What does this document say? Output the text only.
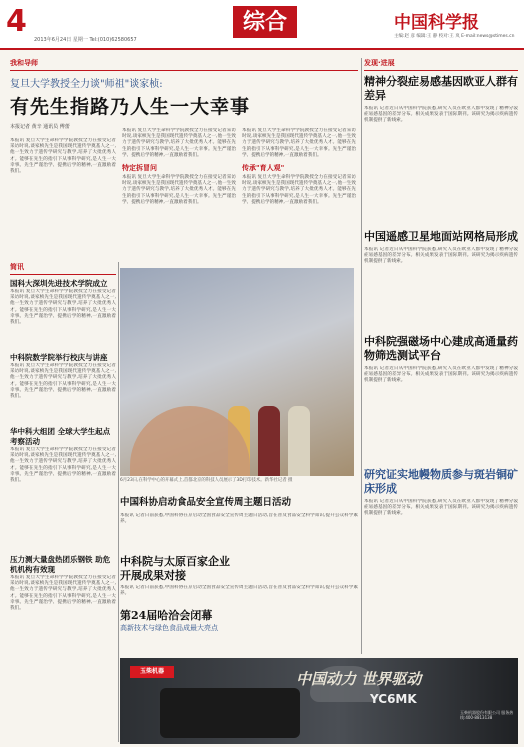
4
2013年6月24日 星期一 Tel:(010)62580657
综合	中国科学报
主编:赵 彦 编辑:王 静 校对:王 岚 E-mail:news@stimes.cn
我和导师
复旦大学教授全力谈"师祖"谈家桢:
有先生指路乃人生一大幸事
本报记者 黄辛 通讯员 傅蕾
本报讯 复旦大学生命科学学院教授全力在接受记者采访时说,谈家桢先生是我国现代遗传学奠基人之一,他一生致力于遗传学研究与教学,培养了大批优秀人才。能够在先生的指引下从事科学研究,是人生一大幸事。先生严谨治学、提携后学的精神,一直激励着我们。
本报讯 复旦大学生命科学学院教授全力在接受记者采访时说,谈家桢先生是我国现代遗传学奠基人之一,他一生致力于遗传学研究与教学,培养了大批优秀人才。能够在先生的指引下从事科学研究,是人生一大幸事。先生严谨治学、提携后学的精神,一直激励着我们。
特定拆冒问
本报讯 复旦大学生命科学学院教授全力在接受记者采访时说,谈家桢先生是我国现代遗传学奠基人之一,他一生致力于遗传学研究与教学,培养了大批优秀人才。能够在先生的指引下从事科学研究,是人生一大幸事。先生严谨治学、提携后学的精神,一直激励着我们。
本报讯 复旦大学生命科学学院教授全力在接受记者采访时说,谈家桢先生是我国现代遗传学奠基人之一,他一生致力于遗传学研究与教学,培养了大批优秀人才。能够在先生的指引下从事科学研究,是人生一大幸事。先生严谨治学、提携后学的精神,一直激励着我们。
传承"育人观"
本报讯 复旦大学生命科学学院教授全力在接受记者采访时说,谈家桢先生是我国现代遗传学奠基人之一,他一生致力于遗传学研究与教学,培养了大批优秀人才。能够在先生的指引下从事科学研究,是人生一大幸事。先生严谨治学、提携后学的精神,一直激励着我们。
简讯
国科大深圳先进技术学院成立
本报讯 复旦大学生命科学学院教授全力在接受记者采访时说,谈家桢先生是我国现代遗传学奠基人之一,他一生致力于遗传学研究与教学,培养了大批优秀人才。能够在先生的指引下从事科学研究,是人生一大幸事。先生严谨治学、提携后学的精神,一直激励着我们。
中科院数学院举行校庆与讲座
本报讯 复旦大学生命科学学院教授全力在接受记者采访时说,谈家桢先生是我国现代遗传学奠基人之一,他一生致力于遗传学研究与教学,培养了大批优秀人才。能够在先生的指引下从事科学研究,是人生一大幸事。先生严谨治学、提携后学的精神,一直激励着我们。
华中科大组团 全球大学生起点考察活动
本报讯 复旦大学生命科学学院教授全力在接受记者采访时说,谈家桢先生是我国现代遗传学奠基人之一,他一生致力于遗传学研究与教学,培养了大批优秀人才。能够在先生的指引下从事科学研究,是人生一大幸事。先生严谨治学、提携后学的精神,一直激励着我们。
压力测大量盘热团乐钢铁 助危机机构有效现
本报讯 复旦大学生命科学学院教授全力在接受记者采访时说,谈家桢先生是我国现代遗传学奠基人之一,他一生致力于遗传学研究与教学,培养了大批优秀人才。能够在先生的指引下从事科学研究,是人生一大幸事。先生严谨治学、提携后学的精神,一直激励着我们。
6月23日,在科学中心的开幕式上,首都北京的科技人员展示了3D打印技术。新华社记者 摄
发现·进展
精神分裂症易感基因欧亚人群有差异
本报讯 记者近日从中国科学院获悉,研究人员在欧亚人群中发现了精神分裂症易感基因的差异分布。相关成果发表于国际期刊。该研究为揭示疾病遗传机制提供了新线索。
中国遥感卫星地面站网格局形成
本报讯 记者近日从中国科学院获悉,研究人员在欧亚人群中发现了精神分裂症易感基因的差异分布。相关成果发表于国际期刊。该研究为揭示疾病遗传机制提供了新线索。
中科院强磁场中心建成高通量药物筛选测试平台
本报讯 记者近日从中国科学院获悉,研究人员在欧亚人群中发现了精神分裂症易感基因的差异分布。相关成果发表于国际期刊。该研究为揭示疾病遗传机制提供了新线索。
研究证实地幔物质参与斑岩铜矿床形成
本报讯 记者近日从中国科学院获悉,研究人员在欧亚人群中发现了精神分裂症易感基因的差异分布。相关成果发表于国际期刊。该研究为揭示疾病遗传机制提供了新线索。
中国科协启动食品安全宣传周主题日活动
本报讯 记者日前获悉,中国科协在京启动全国食品安全宣传周主题日活动,旨在普及食品安全科学知识,提升公众科学素养。
中科院与太原百家企业开展成果对接
本报讯 记者日前获悉,中国科协在京启动全国食品安全宣传周主题日活动,旨在普及食品安全科学知识,提升公众科学素养。
第24届哈洽会闭幕
高新技术与绿色食品成最大亮点
玉柴机器	中国动力 世界驱动
YC6MK
玉柴机器股份有限公司 服务热线:400-8813138
